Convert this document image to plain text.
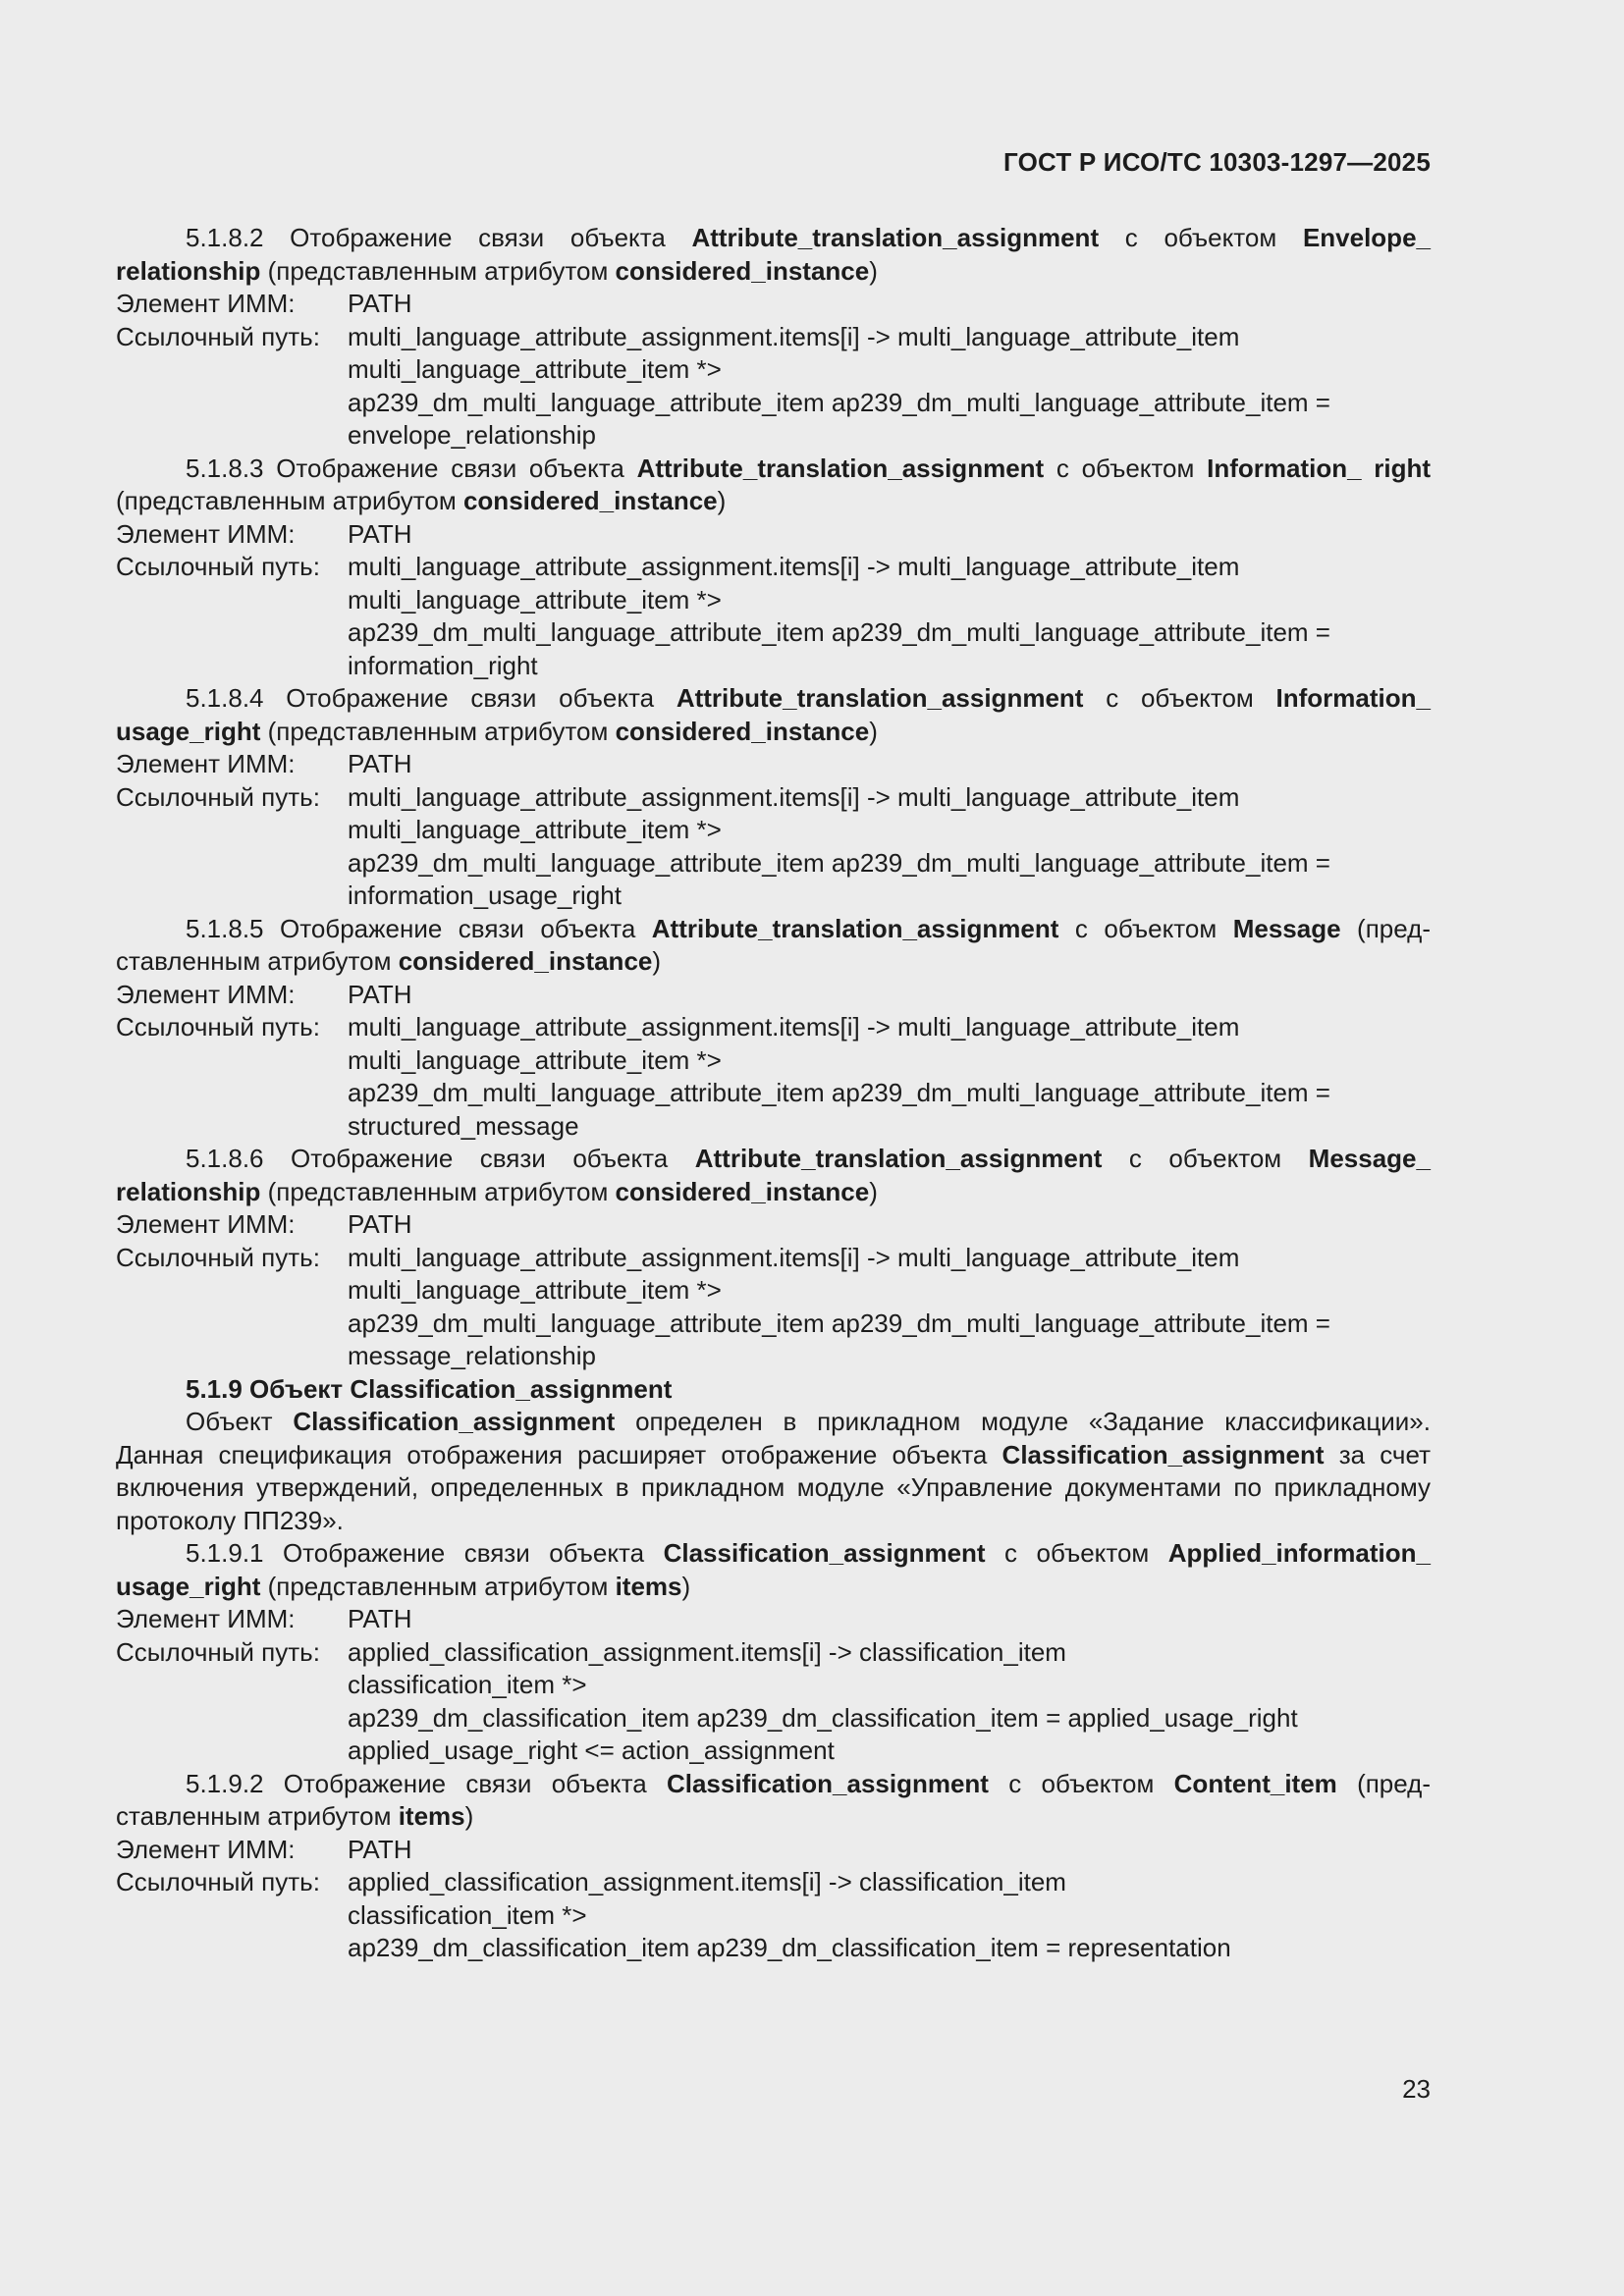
ГОСТ Р ИСО/ТС 10303-1297—2025

5.1.8.2 Отображение связи объекта Attribute_translation_assignment с объектом Envelope_ relationship (представленным атрибутом considered_instance)

Элемент ИММ:	PATH
Ссылочный путь:	multi_language_attribute_assignment.items[i] -> multi_language_attribute_item
multi_language_attribute_item *>
ap239_dm_multi_language_attribute_item ap239_dm_multi_language_attribute_item =
envelope_relationship

5.1.8.3 Отображение связи объекта Attribute_translation_assignment с объектом Information_ right (представленным атрибутом considered_instance)

Элемент ИММ:	PATH
Ссылочный путь:	multi_language_attribute_assignment.items[i] -> multi_language_attribute_item
multi_language_attribute_item *>
ap239_dm_multi_language_attribute_item ap239_dm_multi_language_attribute_item =
information_right

5.1.8.4 Отображение связи объекта Attribute_translation_assignment с объектом Information_ usage_right (представленным атрибутом considered_instance)

Элемент ИММ:	PATH
Ссылочный путь:	multi_language_attribute_assignment.items[i] -> multi_language_attribute_item
multi_language_attribute_item *>
ap239_dm_multi_language_attribute_item ap239_dm_multi_language_attribute_item =
information_usage_right

5.1.8.5 Отображение связи объекта Attribute_translation_assignment с объектом Message (представленным атрибутом considered_instance)

Элемент ИММ:	PATH
Ссылочный путь:	multi_language_attribute_assignment.items[i] -> multi_language_attribute_item
multi_language_attribute_item *>
ap239_dm_multi_language_attribute_item ap239_dm_multi_language_attribute_item =
structured_message

5.1.8.6 Отображение связи объекта Attribute_translation_assignment с объектом Message_ relationship (представленным атрибутом considered_instance)

Элемент ИММ:	PATH
Ссылочный путь:	multi_language_attribute_assignment.items[i] -> multi_language_attribute_item
multi_language_attribute_item *>
ap239_dm_multi_language_attribute_item ap239_dm_multi_language_attribute_item =
message_relationship

5.1.9 Объект Classification_assignment

Объект Classification_assignment определен в прикладном модуле «Задание классификации». Данная спецификация отображения расширяет отображение объекта Classification_assignment за счет включения утверждений, определенных в прикладном модуле «Управление документами по прикладному протоколу ПП239».

5.1.9.1 Отображение связи объекта Classification_assignment с объектом Applied_information_ usage_right (представленным атрибутом items)

Элемент ИММ:	PATH
Ссылочный путь:	applied_classification_assignment.items[i] -> classification_item
classification_item *>
ap239_dm_classification_item ap239_dm_classification_item = applied_usage_right
applied_usage_right <= action_assignment

5.1.9.2 Отображение связи объекта Classification_assignment с объектом Content_item (представленным атрибутом items)

Элемент ИММ:	PATH
Ссылочный путь:	applied_classification_assignment.items[i] -> classification_item
classification_item *>
ap239_dm_classification_item ap239_dm_classification_item = representation
23
